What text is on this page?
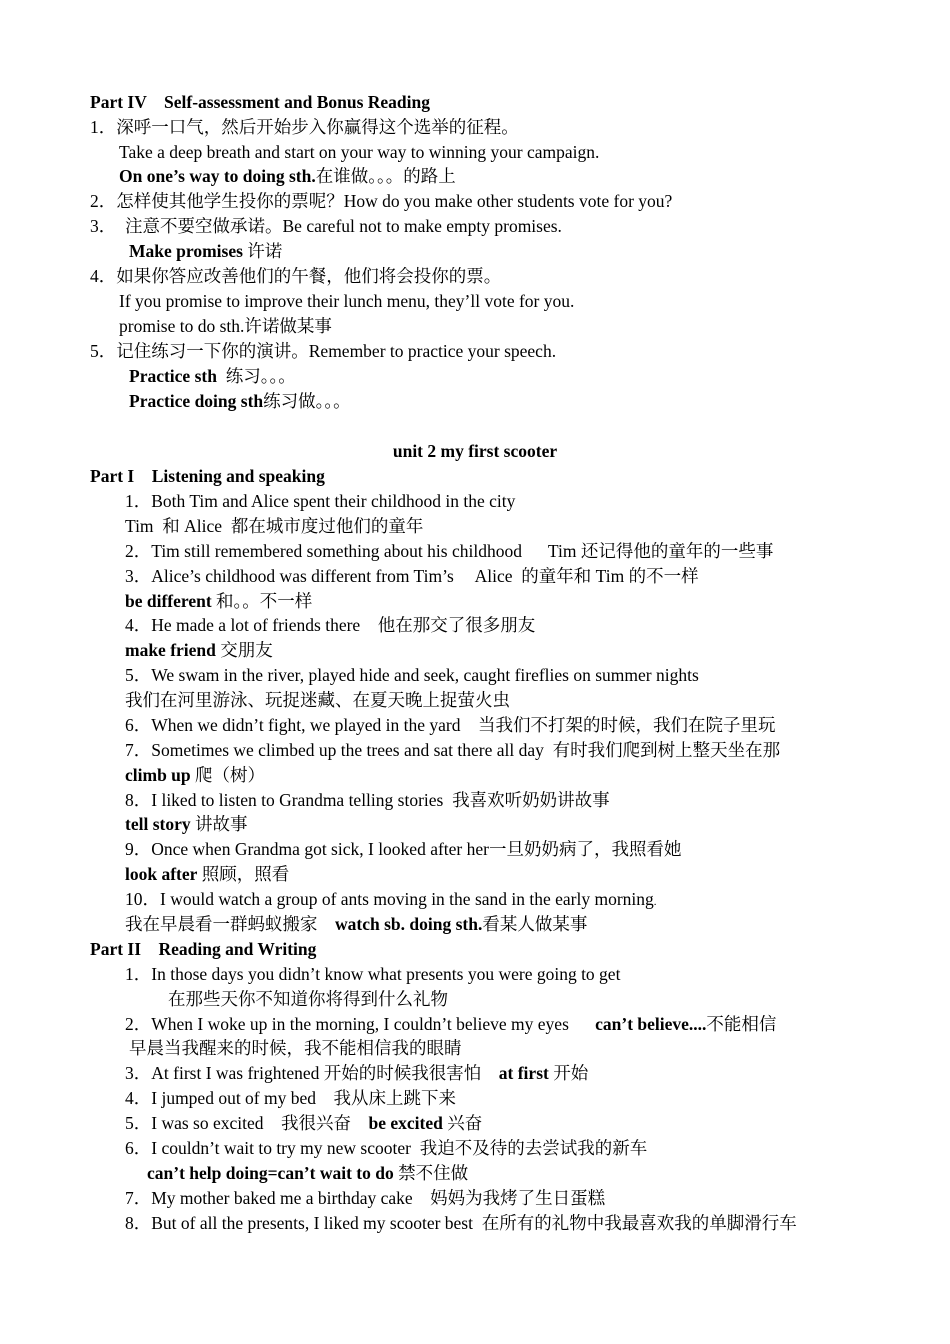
Part IV    Self-assessment and Bonus Reading
1．深呼一口气，然后开始步入你赢得这个选举的征程。
Take a deep breath and start on your way to winning your campaign.
On one’s way to doing sth.在谁做。。。的路上
2．怎样使其他学生投你的票呢？How do you make other students vote for you?
3．  注意不要空做承诺。Be careful not to make empty promises.
Make promises 许诺
4．如果你答应改善他们的午餐，他们将会投你的票。
If you promise to improve their lunch menu, they’ll vote for you.
promise to do sth.许诺做某事
5．记住练习一下你的演讲。Remember to practice your speech.
Practice sth  练习。。。
Practice doing sth练习做。。。
unit 2 my first scooter
Part I    Listening and speaking
1．Both Tim and Alice spent their childhood in the city
Tim  和 Alice  都在城市度过他们的童年
2．Tim still remembered something about his childhood      Tim 还记得他的童年的一些事
3．Alice’s childhood was different from Tim’s     Alice  的童年和 Tim 的不一样
be different 和。。不一样
4．He made a lot of friends there    他在那交了很多朋友
make friend 交朋友
5．We swam in the river, played hide and seek, caught fireflies on summer nights
我们在河里游泳、玩捉迷藏、在夏天晚上捉萤火虫
6．When we didn’t fight, we played in the yard    当我们不打架的时候，我们在院子里玩
7．Sometimes we climbed up the trees and sat there all day  有时我们爬到树上整天坐在那
climb up 爬（树）
8．I liked to listen to Grandma telling stories  我喜欢听奶奶讲故事
tell story 讲故事
9．Once when Grandma got sick, I looked after her一旦奶奶病了，我照看她
look after 照顾，照看
10．I would watch a group of ants moving in the sand in the early morning.
我在早晨看一群蚂蚁搬家    watch sb. doing sth.看某人做某事
Part II    Reading and Writing
1．In those days you didn’t know what presents you were going to get
在那些天你不知道你将得到什么礼物
2．When I woke up in the morning, I couldn’t believe my eyes      can’t believe....不能相信
早晨当我醒来的时候，我不能相信我的眼睛
3．At first I was frightened 开始的时候我很害怕    at first 开始
4．I jumped out of my bed    我从床上跳下来
5．I was so excited    我很兴奋    be excited 兴奋
6．I couldn’t wait to try my new scooter  我迫不及待的去尝试我的新车
can’t help doing=can’t wait to do 禁不住做
7．My mother baked me a birthday cake    妈妈为我烤了生日蛋糕
8．But of all the presents, I liked my scooter best  在所有的礼物中我最喜欢我的单脚滑行车
